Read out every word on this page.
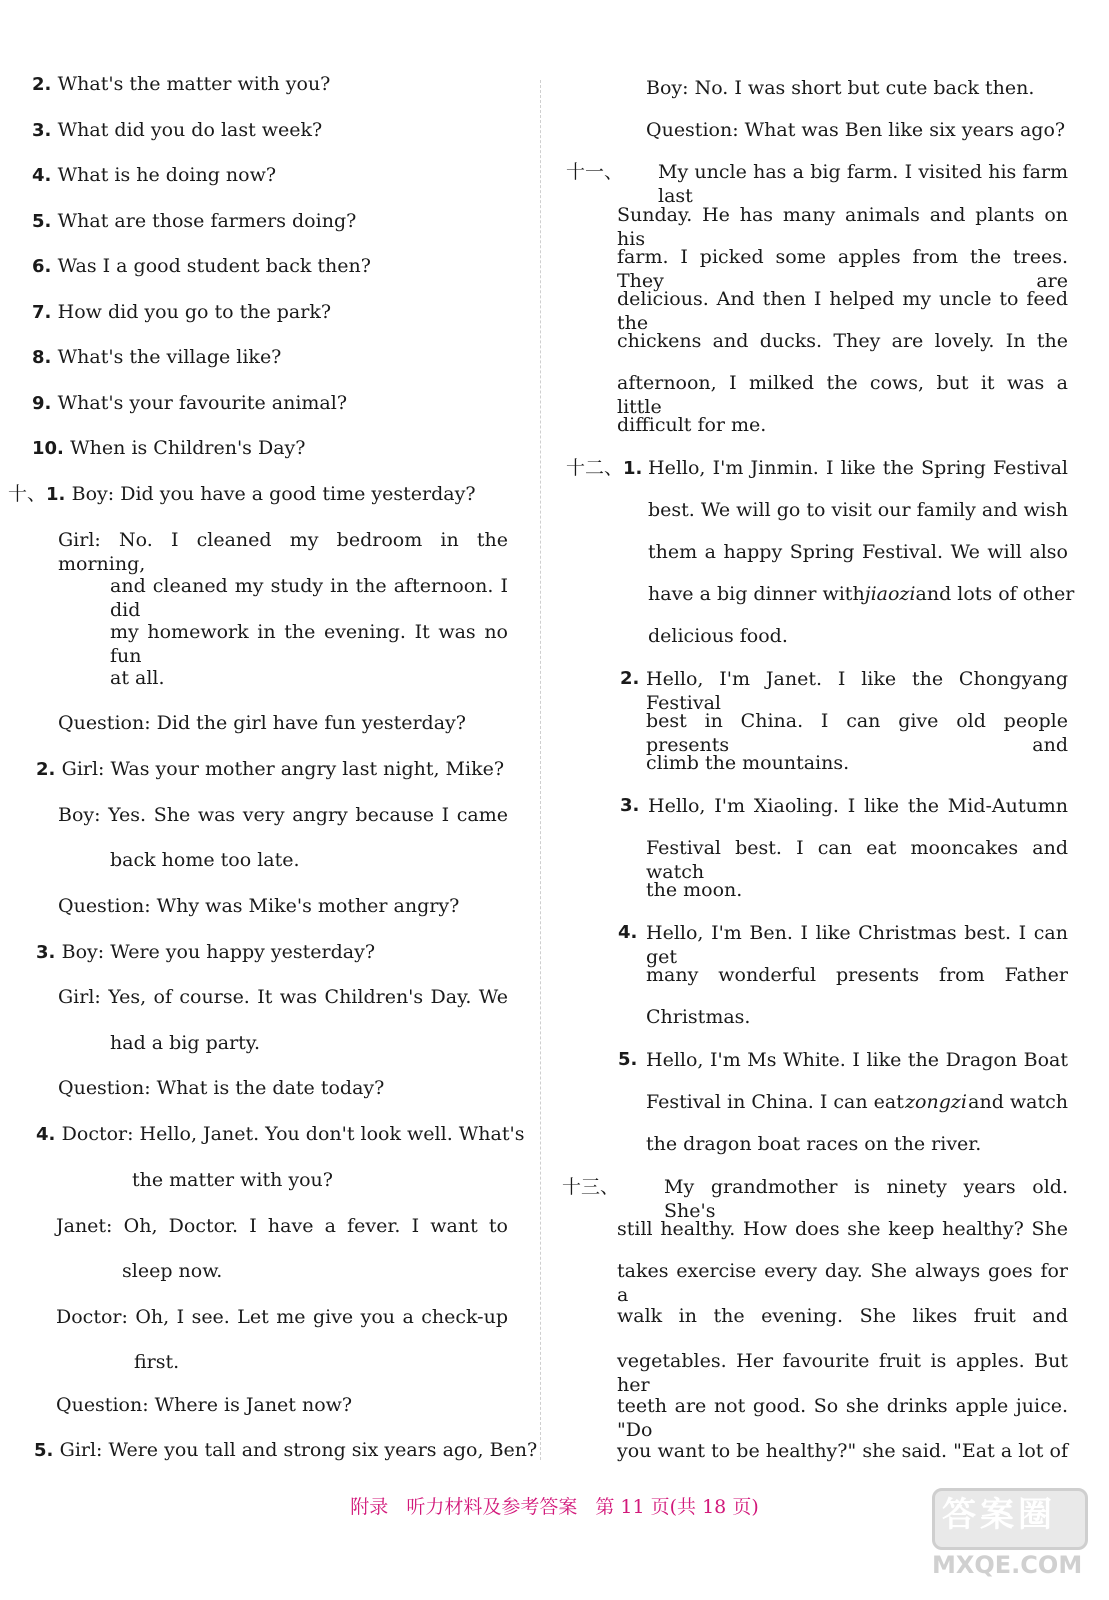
2. What's the matter with you?
3. What did you do last week?
4. What is he doing now?
5. What are those farmers doing?
6. Was I a good student back then?
7. How did you go to the park?
8. What's the village like?
9. What's your favourite animal?
10. When is Children's Day?
十、1. Boy: Did you have a good time yesterday?
Girl: No. I cleaned my bedroom in the morning,
and cleaned my study in the afternoon. I did
my homework in the evening. It was no fun
at all.
Question: Did the girl have fun yesterday?
2. Girl: Was your mother angry last night, Mike?
Boy: Yes. She was very angry because I came
back home too late.
Question: Why was Mike's mother angry?
3. Boy: Were you happy yesterday?
Girl: Yes, of course. It was Children's Day. We
had a big party.
Question: What is the date today?
4. Doctor: Hello, Janet. You don't look well. What's
the matter with you?
Janet: Oh, Doctor. I have a fever. I want to
sleep now.
Doctor: Oh, I see. Let me give you a check-up
first.
Question: Where is Janet now?
5. Girl: Were you tall and strong six years ago, Ben?
Boy: No. I was short but cute back then.
Question: What was Ben like six years ago?
十一、 My uncle has a big farm. I visited his farm last
Sunday. He has many animals and plants on his
farm. I picked some apples from the trees. They are
delicious. And then I helped my uncle to feed the
chickens and ducks. They are lovely. In the
afternoon, I milked the cows, but it was a little
difficult for me.
十二、1. Hello, I'm Jinmin. I like the Spring Festival
best. We will go to visit our family and wish
them a happy Spring Festival. We will also
have a big dinner with jiaozi and lots of other
delicious food.
2. Hello, I'm Janet. I like the Chongyang Festival
best in China. I can give old people presents and
climb the mountains.
3. Hello, I'm Xiaoling. I like the Mid-Autumn
Festival best. I can eat mooncakes and watch
the moon.
4. Hello, I'm Ben. I like Christmas best. I can get
many wonderful presents from Father
Christmas.
5. Hello, I'm Ms White. I like the Dragon Boat
Festival in China. I can eat zongzi and watch
the dragon boat races on the river.
十三、 My grandmother is ninety years old. She's
still healthy. How does she keep healthy? She
takes exercise every day. She always goes for a
walk in the evening. She likes fruit and
vegetables. Her favourite fruit is apples. But her
teeth are not good. So she drinks apple juice. "Do
you want to be healthy?" she said. "Eat a lot of
附录 听力材料及参考答案 第 11 页(共 18 页)	答案圈
MXQE.COM
